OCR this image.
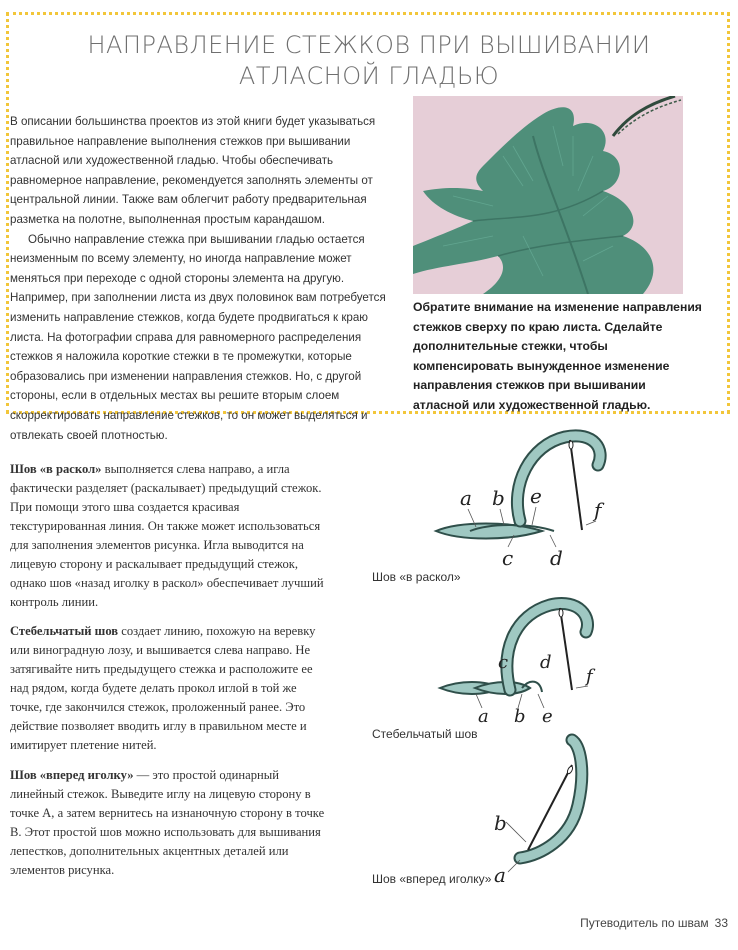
НАПРАВЛЕНИЕ СТЕЖКОВ ПРИ ВЫШИВАНИИ
АТЛАСНОЙ ГЛАДЬЮ

В описании большинства проектов из этой книги будет указываться правильное направление выполнения стежков при вышивании атласной или художественной гладью. Чтобы обеспечивать равномерное направление, рекомендуется заполнять элементы от центральной линии. Также вам облегчит работу предварительная разметка на полотне, выполненная простым карандашом.

Обычно направление стежка при вышивании гладью остается неизменным по всему элементу, но иногда направление может меняться при переходе с одной стороны элемента на другую. Например, при заполнении листа из двух половинок вам потребуется изменить направление стежков, когда будете продвигаться к краю листа. На фотографии справа для равномерного распределения стежков я наложила короткие стежки в те промежутки, которые образовались при изменении направления стежков. Но, с другой стороны, если в отдельных местах вы решите вторым слоем скорректировать направление стежков, то он может выделяться и отвлекать своей плотностью.

Обратите внимание на изменение направления стежков сверху по краю листа. Сделайте дополнительные стежки, чтобы компенсировать вынужденное изменение направления стежков при вышивании атласной или художественной гладью.
Шов «в раскол» выполняется слева направо, а игла фактически разделяет (раскалывает) предыдущий стежок. При помощи этого шва создается красивая текстурированная линия. Он также может использоваться для заполнения элементов рисунка. Игла выводится на лицевую сторону и раскалывает предыдущий стежок, однако шов «назад иголку в раскол» обеспечивает лучший контроль линии.
Стебельчатый шов создает линию, похожую на веревку или виноградную лозу, и вышивается слева направо. Не затягивайте нить предыдущего стежка и расположите ее над рядом, когда будете делать прокол иглой в той же точке, где закончился стежок, проложенный ранее. Это действие позволяет вводить иглу в правильном месте и имитирует плетение нитей.
Шов «вперед иголку» — это простой одинарный линейный стежок. Выведите иглу на лицевую сторону в точке А, а затем вернитесь на изнаночную сторону в точке В. Этот простой шов можно использовать для вышивания лепестков, дополнительных акцентных деталей или элементов рисунка.
a b
c d
e
f
Шов «в раскол»
a b
c d
e
f
Стебельчатый шов
b
a
Шов «вперед иголку»
Путеводитель по швам 33
